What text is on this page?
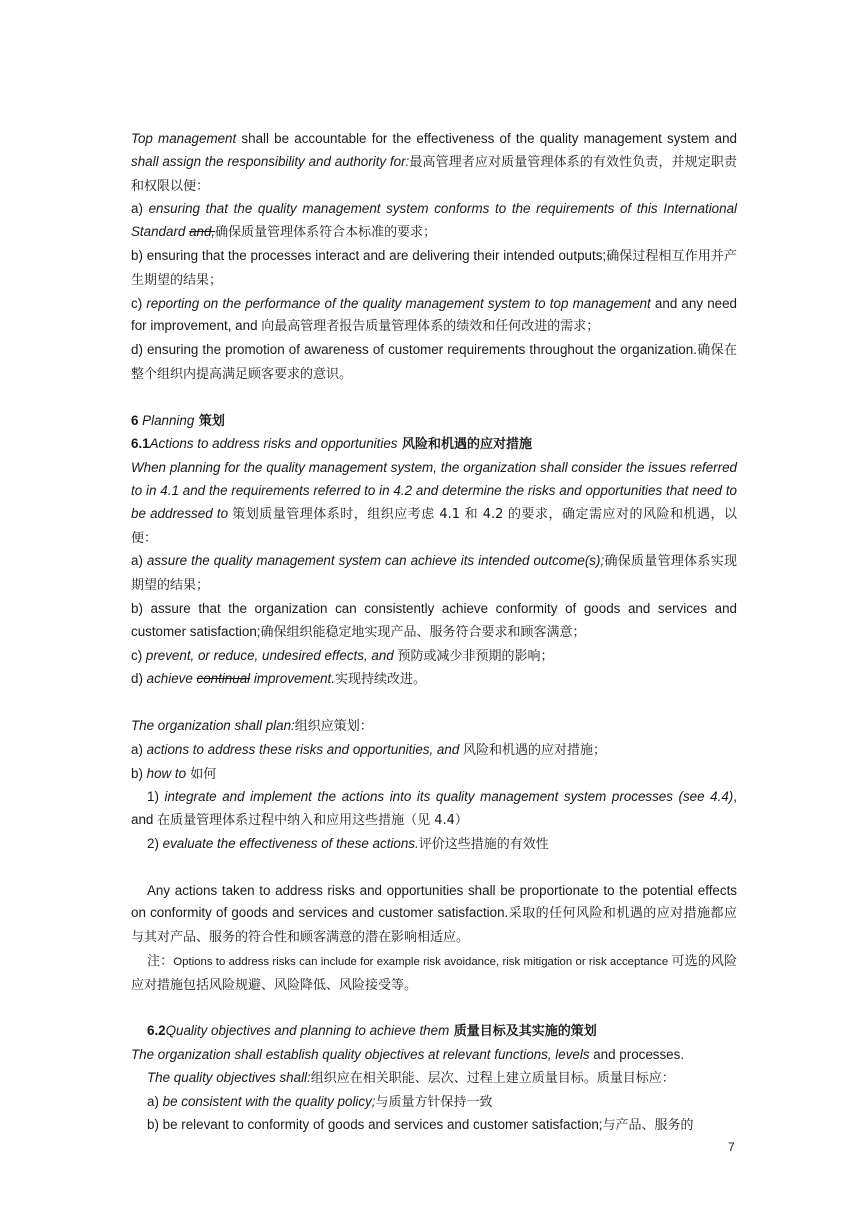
Top management shall be accountable for the effectiveness of the quality management system and shall assign the responsibility and authority for:最高管理者应对质量管理体系的有效性负责，并规定职责和权限以便：

a) ensuring that the quality management system conforms to the requirements of this International Standard and,确保质量管理体系符合本标准的要求；

b) ensuring that the processes interact and are delivering their intended outputs;确保过程相互作用并产生期望的结果；

c) reporting on the performance of the quality management system to top management and any need for improvement, and 向最高管理者报告质量管理体系的绩效和任何改进的需求；

d) ensuring the promotion of awareness of customer requirements throughout the organization.确保在整个组织内提高满足顾客要求的意识。

6 Planning 策划

6.1Actions to address risks and opportunities 风险和机遇的应对措施

When planning for the quality management system, the organization shall consider the issues referred to in 4.1 and the requirements referred to in 4.2 and determine the risks and opportunities that need to be addressed to 策划质量管理体系时，组织应考虑 4.1 和 4.2 的要求，确定需应对的风险和机遇，以便：

a) assure the quality management system can achieve its intended outcome(s);确保质量管理体系实现期望的结果；

b) assure that the organization can consistently achieve conformity of goods and services and customer satisfaction;确保组织能稳定地实现产品、服务符合要求和顾客满意；

c) prevent, or reduce, undesired effects, and 预防或减少非预期的影响；

d) achieve continual improvement.实现持续改进。

The organization shall plan:组织应策划：

a) actions to address these risks and opportunities, and 风险和机遇的应对措施；

b) how to 如何

1) integrate and implement the actions into its quality management system processes (see 4.4), and 在质量管理体系过程中纳入和应用这些措施（见 4.4）

2) evaluate the effectiveness of these actions.评价这些措施的有效性

Any actions taken to address risks and opportunities shall be proportionate to the potential effects on conformity of goods and services and customer satisfaction.采取的任何风险和机遇的应对措施都应与其对产品、服务的符合性和顾客满意的潜在影响相适应。

注：Options to address risks can include for example risk avoidance, risk mitigation or risk acceptance 可选的风险应对措施包括风险规避、风险降低、风险接受等。

6.2Quality objectives and planning to achieve them 质量目标及其实施的策划

The organization shall establish quality objectives at relevant functions, levels and processes.

The quality objectives shall:组织应在相关职能、层次、过程上建立质量目标。质量目标应：

a) be consistent with the quality policy;与质量方针保持一致

b) be relevant to conformity of goods and services and customer satisfaction;与产品、服务的

7
